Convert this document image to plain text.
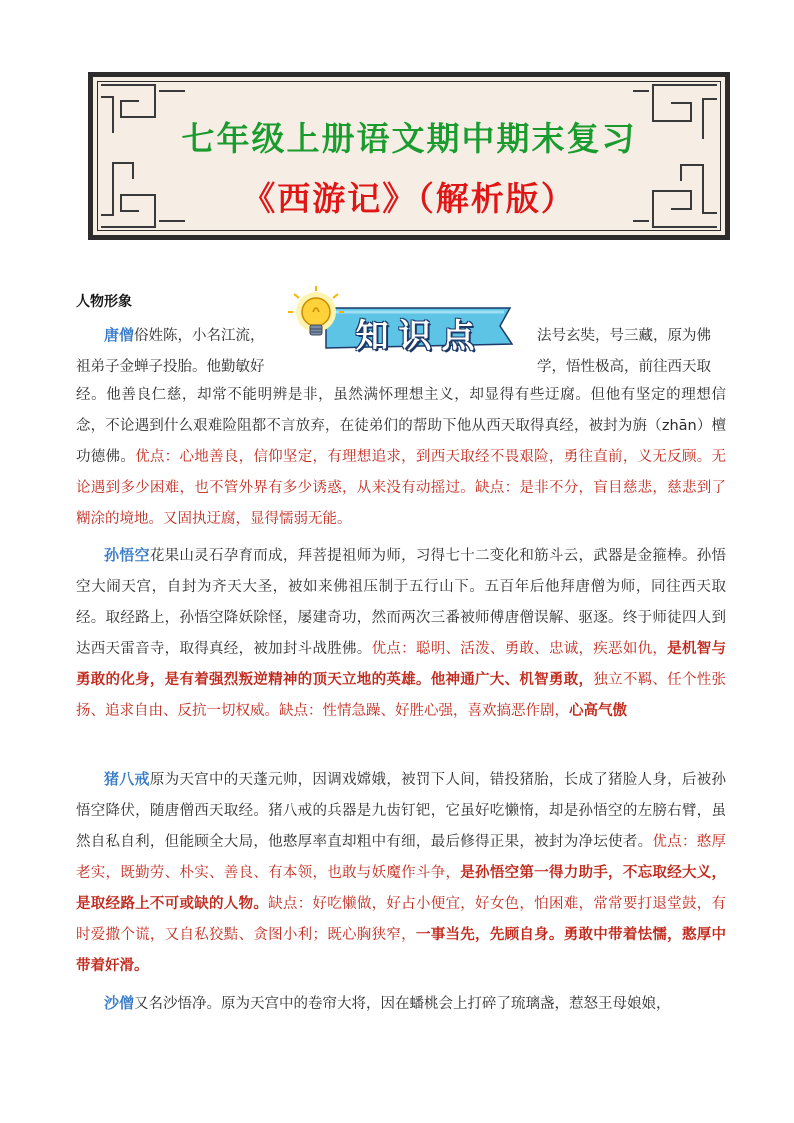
七年级上册语文期中期末复习
《西游记》（解析版）
人物形象
知识点

唐僧俗姓陈，小名江流，	法号玄奘，号三藏，原为佛

祖弟子金蝉子投胎。他勤敏好	学，悟性极高，前往西天取

经。他善良仁慈，却常不能明辨是非，虽然满怀理想主义，却显得有些迂腐。但他有坚定的理想信念，不论遇到什么艰难险阻都不言放弃，在徒弟们的帮助下他从西天取得真经，被封为旃（zhān）檀功德佛。优点：心地善良，信仰坚定，有理想追求，到西天取经不畏艰险，勇往直前，义无反顾。无论遇到多少困难，也不管外界有多少诱惑，从来没有动摇过。缺点：是非不分，盲目慈悲，慈悲到了糊涂的境地。又固执迂腐，显得懦弱无能。

孙悟空花果山灵石孕育而成，拜菩提祖师为师，习得七十二变化和筋斗云，武器是金箍棒。孙悟空大闹天宫，自封为齐天大圣，被如来佛祖压制于五行山下。五百年后他拜唐僧为师，同往西天取经。取经路上，孙悟空降妖除怪，屡建奇功，然而两次三番被师傅唐僧误解、驱逐。终于师徒四人到达西天雷音寺，取得真经，被加封斗战胜佛。优点：聪明、活泼、勇敢、忠诚，疾恶如仇，是机智与勇敢的化身，是有着强烈叛逆精神的顶天立地的英雄。他神通广大、机智勇敢，独立不羁、任个性张扬、追求自由、反抗一切权威。缺点：性情急躁、好胜心强，喜欢搞恶作剧，心高气傲

猪八戒原为天宫中的天蓬元帅，因调戏嫦娥，被罚下人间，错投猪胎，长成了猪脸人身，后被孙悟空降伏，随唐僧西天取经。猪八戒的兵器是九齿钉钯，它虽好吃懒惰，却是孙悟空的左膀右臂，虽然自私自利，但能顾全大局，他憨厚率直却粗中有细，最后修得正果，被封为净坛使者。优点：憨厚老实，既勤劳、朴实、善良、有本领，也敢与妖魔作斗争，是孙悟空第一得力助手，不忘取经大义，是取经路上不可或缺的人物。缺点：好吃懒做，好占小便宜，好女色，怕困难，常常要打退堂鼓，有时爱撒个谎，又自私狡黠、贪图小利；既心胸狭窄，一事当先，先顾自身。勇敢中带着怯懦，憨厚中带着奸滑。

沙僧又名沙悟净。原为天宫中的卷帘大将，因在蟠桃会上打碎了琉璃盏，惹怒王母娘娘，
